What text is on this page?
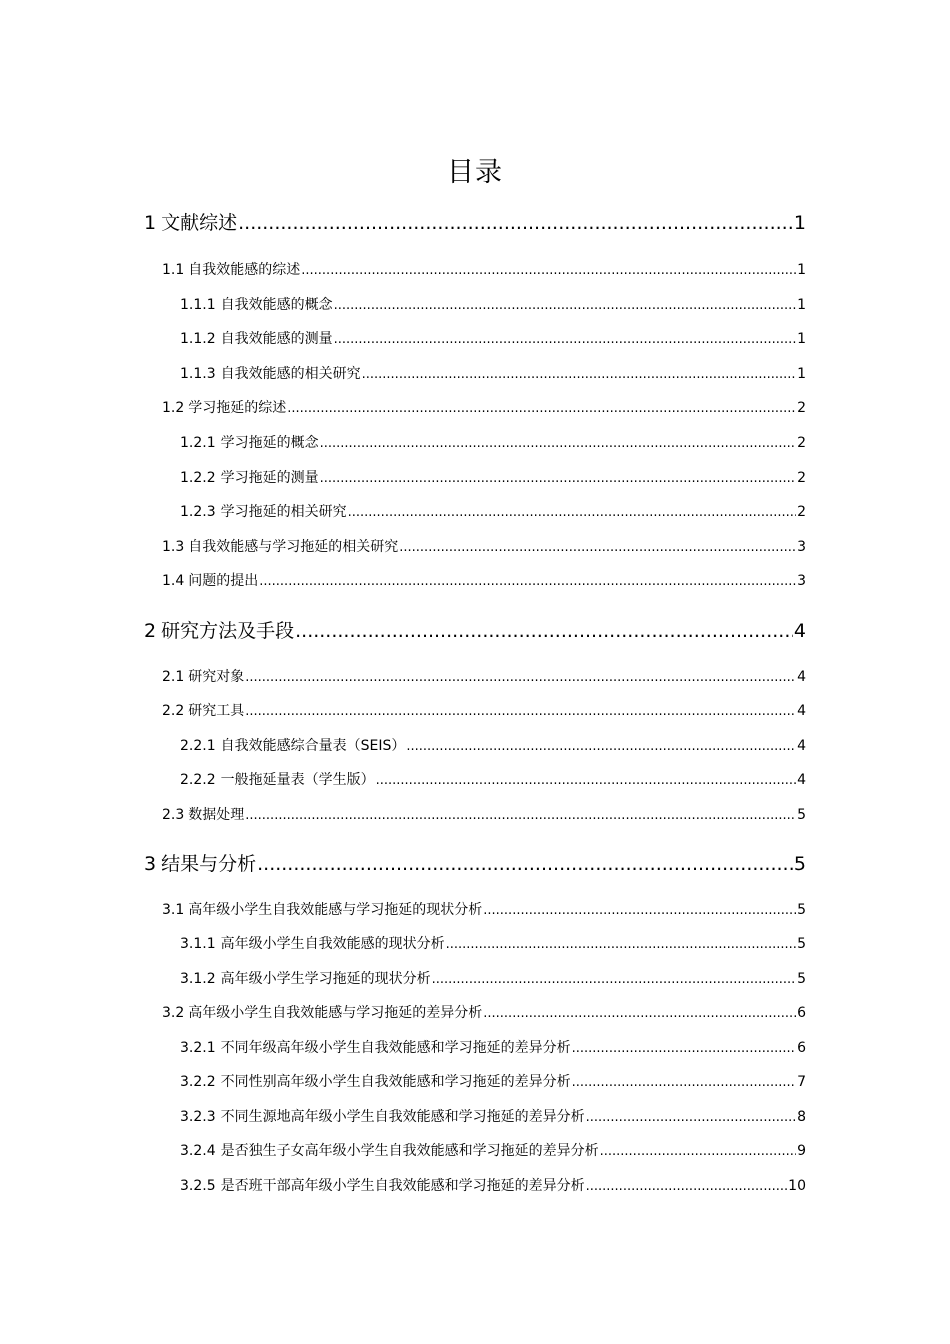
目录
1 文献综述 .....	1
1.1 自我效能感的综述 .....	1
1.1.1 自我效能感的概念 .....	1
1.1.2 自我效能感的测量 .....	1
1.1.3 自我效能感的相关研究 .....	1
1.2 学习拖延的综述 .....	2
1.2.1 学习拖延的概念 .....	2
1.2.2 学习拖延的测量 .....	2
1.2.3 学习拖延的相关研究 .....	2
1.3 自我效能感与学习拖延的相关研究 .....	3
1.4 问题的提出 .....	3
2 研究方法及手段 .....	4
2.1 研究对象 .....	4
2.2 研究工具 .....	4
2.2.1 自我效能感综合量表（SEIS） .....	4
2.2.2 一般拖延量表（学生版） .....	4
2.3 数据处理 .....	5
3 结果与分析 .....	5
3.1 高年级小学生自我效能感与学习拖延的现状分析 .....	5
3.1.1 高年级小学生自我效能感的现状分析 .....	5
3.1.2 高年级小学生学习拖延的现状分析 .....	5
3.2 高年级小学生自我效能感与学习拖延的差异分析 .....	6
3.2.1 不同年级高年级小学生自我效能感和学习拖延的差异分析 .....	6
3.2.2 不同性别高年级小学生自我效能感和学习拖延的差异分析 .....	7
3.2.3 不同生源地高年级小学生自我效能感和学习拖延的差异分析 .....	8
3.2.4 是否独生子女高年级小学生自我效能感和学习拖延的差异分析 .....	9
3.2.5 是否班干部高年级小学生自我效能感和学习拖延的差异分析 .....	10
